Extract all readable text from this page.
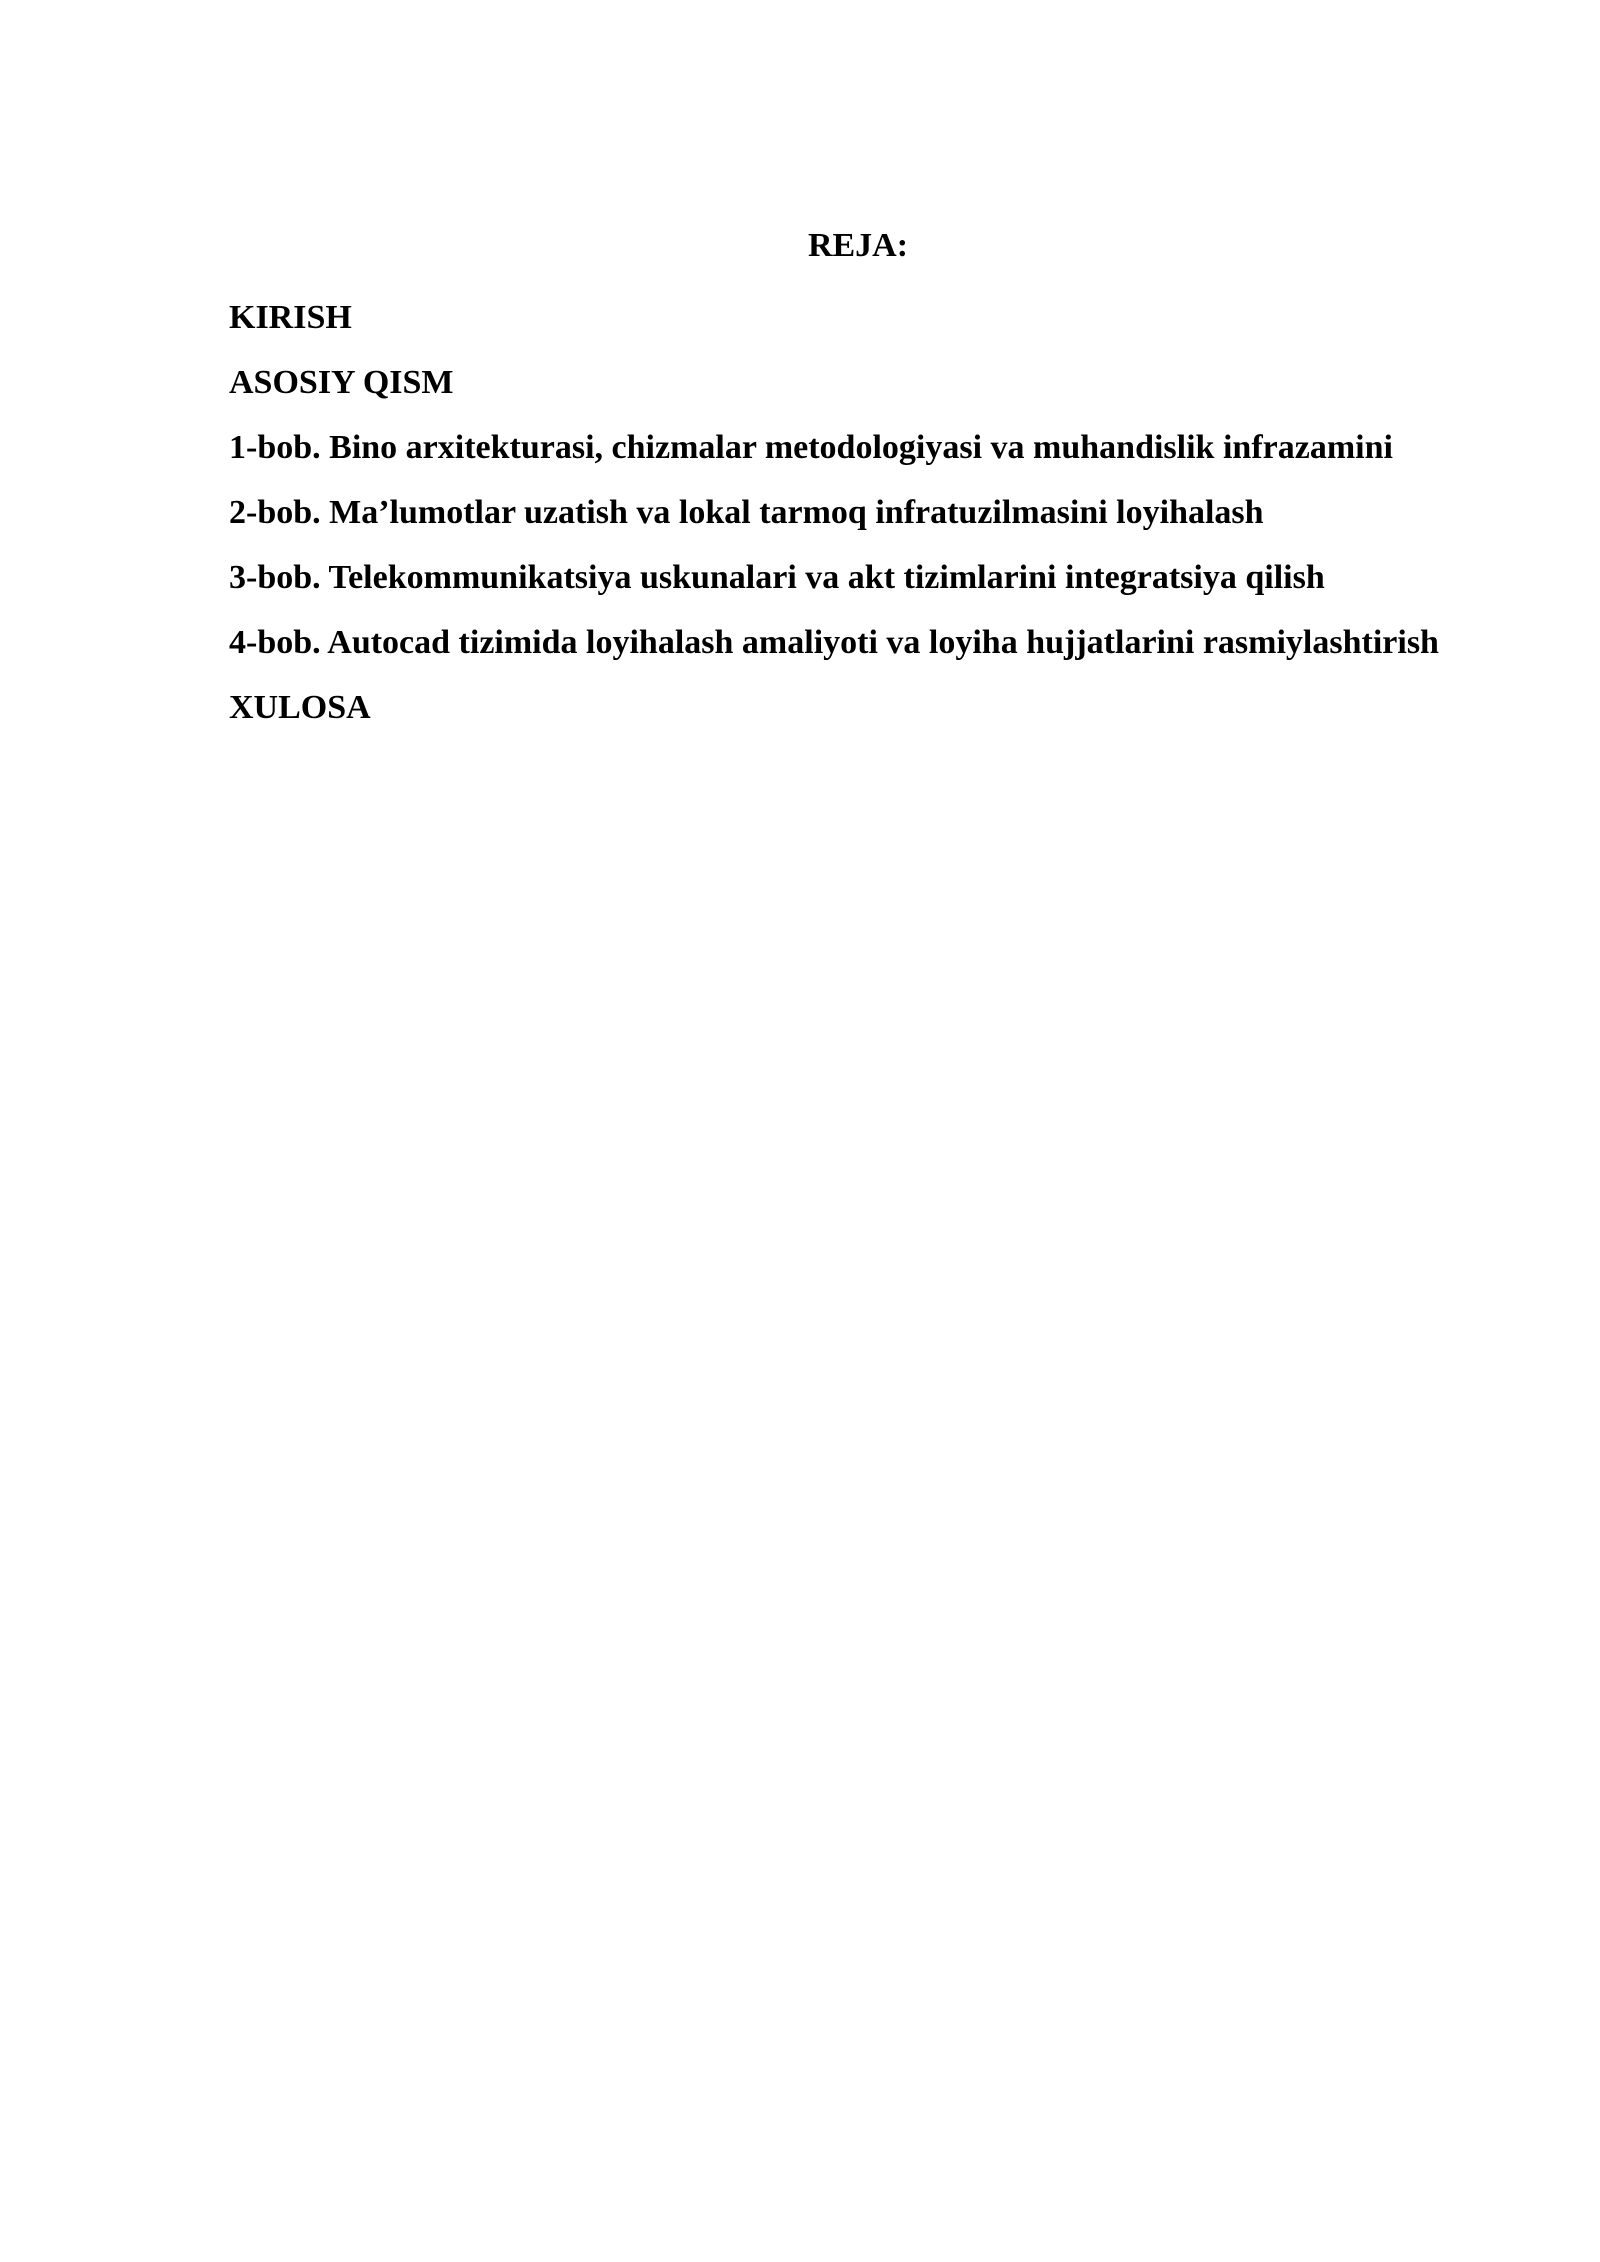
REJA:
KIRISH
ASOSIY QISM
1-bob. Bino arxitekturasi, chizmalar metodologiyasi va muhandislik infrazamini
2-bob. Ma’lumotlar uzatish va lokal tarmoq infratuzilmasini loyihalash
3-bob. Telekommunikatsiya uskunalari va akt tizimlarini integratsiya qilish
4-bob. Autocad tizimida loyihalash amaliyoti va loyiha hujjatlarini rasmiylashtirish
XULOSA
